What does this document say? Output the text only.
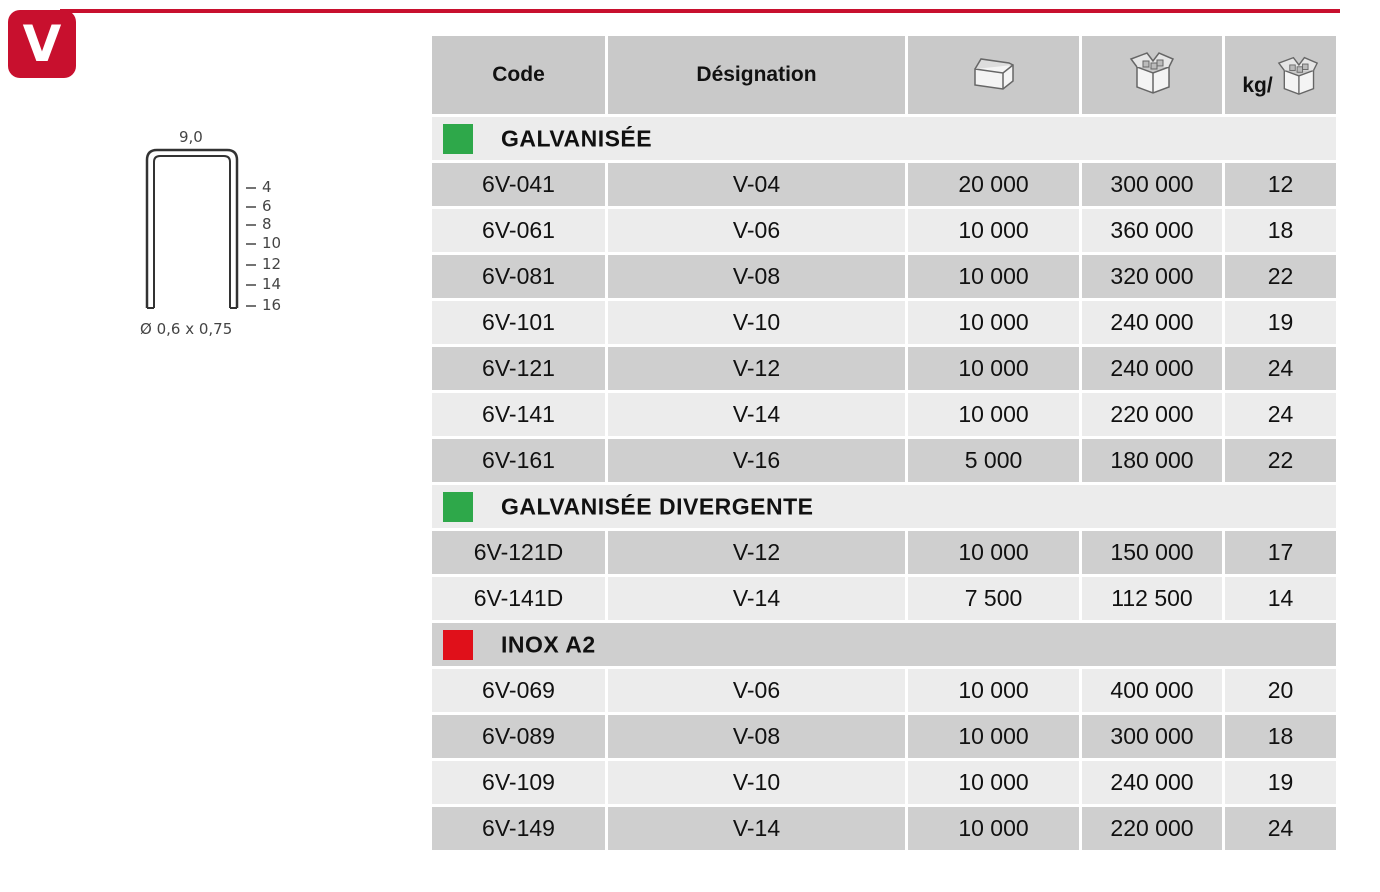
V
9,0
4
6
8
10
12
14
16
Ø 0,6 x 0,75
Code	Désignation			kg/

GALVANISÉE				
6V-041	V-04	20 000	300 000	12
6V-061	V-06	10 000	360 000	18
6V-081	V-08	10 000	320 000	22
6V-101	V-10	10 000	240 000	19
6V-121	V-12	10 000	240 000	24
6V-141	V-14	10 000	220 000	24
6V-161	V-16	5 000	180 000	22
GALVANISÉE DIVERGENTE				
6V-121D	V-12	10 000	150 000	17
6V-141D	V-14	7 500	112 500	14
INOX A2				
6V-069	V-06	10 000	400 000	20
6V-089	V-08	10 000	300 000	18
6V-109	V-10	10 000	240 000	19
6V-149	V-14	10 000	220 000	24
